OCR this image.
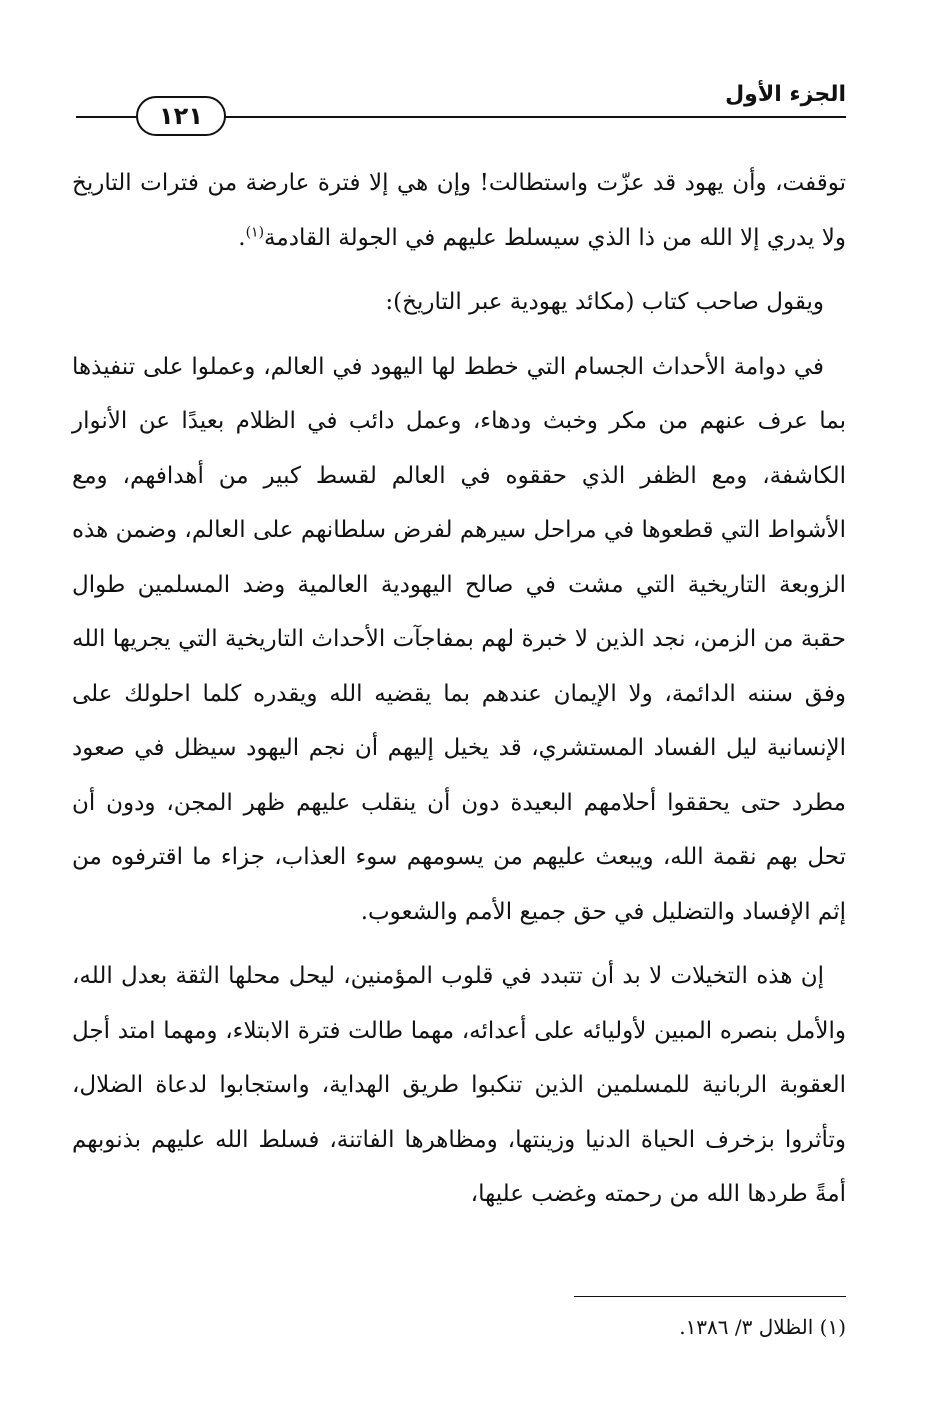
الجزء الأول
١٢١

توقفت، وأن يهود قد عزّت واستطالت! وإن هي إلا فترة عارضة من فترات التاريخ ولا يدري إلا الله من ذا الذي سيسلط عليهم في الجولة القادمة$^{(١)}$.

ويقول صاحب كتاب (مكائد يهودية عبر التاريخ):

في دوامة الأحداث الجسام التي خطط لها اليهود في العالم، وعملوا على تنفيذها بما عرف عنهم من مكر وخبث ودهاء، وعمل دائب في الظلام بعيدًا عن الأنوار الكاشفة، ومع الظفر الذي حققوه في العالم لقسط كبير من أهدافهم، ومع الأشواط التي قطعوها في مراحل سيرهم لفرض سلطانهم على العالم، وضمن هذه الزوبعة التاريخية التي مشت في صالح اليهودية العالمية وضد المسلمين طوال حقبة من الزمن، نجد الذين لا خبرة لهم بمفاجآت الأحداث التاريخية التي يجريها الله وفق سننه الدائمة، ولا الإيمان عندهم بما يقضيه الله ويقدره كلما احلولك على الإنسانية ليل الفساد المستشري، قد يخيل إليهم أن نجم اليهود سيظل في صعود مطرد حتى يحققوا أحلامهم البعيدة دون أن ينقلب عليهم ظهر المجن، ودون أن تحل بهم نقمة الله، ويبعث عليهم من يسومهم سوء العذاب، جزاء ما اقترفوه من إثم الإفساد والتضليل في حق جميع الأمم والشعوب.

إن هذه التخيلات لا بد أن تتبدد في قلوب المؤمنين، ليحل محلها الثقة بعدل الله، والأمل بنصره المبين لأوليائه على أعدائه، مهما طالت فترة الابتلاء، ومهما امتد أجل العقوبة الربانية للمسلمين الذين تنكبوا طريق الهداية، واستجابوا لدعاة الضلال، وتأثروا بزخرف الحياة الدنيا وزينتها، ومظاهرها الفاتنة، فسلط الله عليهم بذنوبهم أمةً طردها الله من رحمته وغضب عليها،

(١) الظلال ٣/ ١٣٨٦.
